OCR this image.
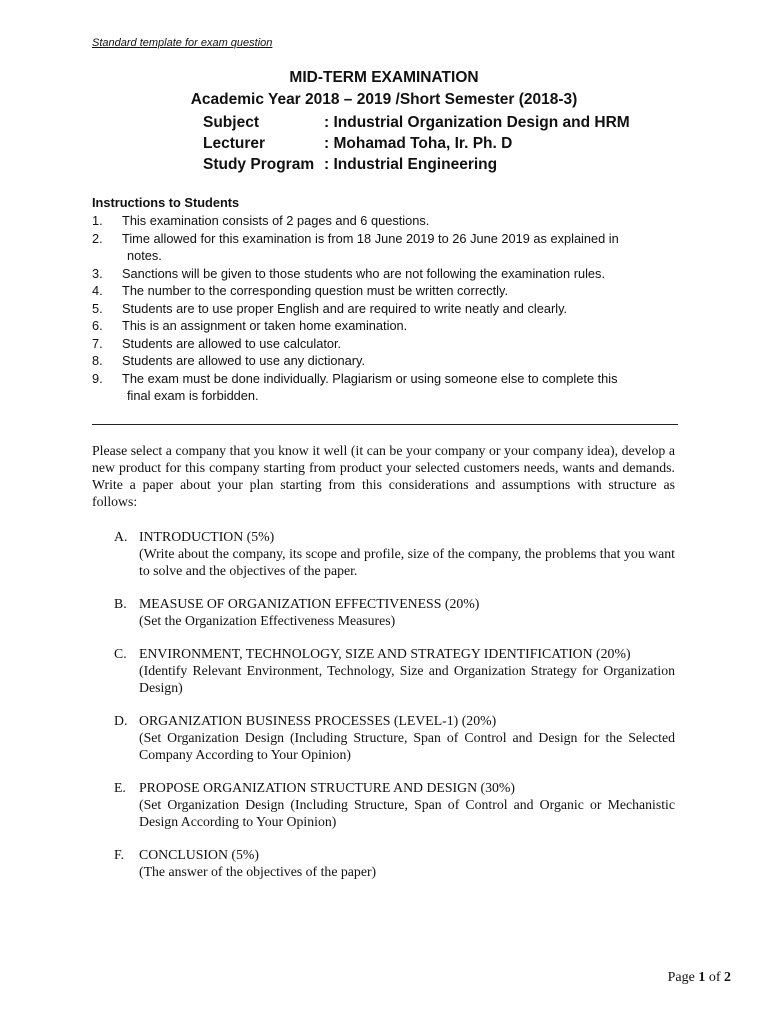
Standard template for exam question
MID-TERM EXAMINATION
Academic Year 2018 – 2019 /Short Semester (2018-3)
Subject	: Industrial Organization Design and HRM
Lecturer	: Mohamad Toha, Ir. Ph. D
Study Program : Industrial Engineering
Instructions to Students
1.	This examination consists of 2 pages and 6 questions.
2.	Time allowed for this examination is from 18 June 2019 to 26 June 2019 as explained in
notes.
3.	Sanctions will be given to those students who are not following the examination rules.
4.	The number to the corresponding question must be written correctly.
5.	Students are to use proper English and are required to write neatly and clearly.
6.	This is an assignment or taken home examination.
7.	Students are allowed to use calculator.
8.	Students are allowed to use any dictionary.
9.	The exam must be done individually. Plagiarism or using someone else to complete this
final exam is forbidden.
Please select a company that you know it well (it can be your company or your company idea), develop a new product for this company starting from product your selected customers needs, wants and demands. Write a paper about your plan starting from this considerations and assumptions with structure as follows:
A. INTRODUCTION (5%)
(Write about the company, its scope and profile, size of the company, the problems that you want to solve and the objectives of the paper.
B. MEASUSE OF ORGANIZATION EFFECTIVENESS (20%)
(Set the Organization Effectiveness Measures)
C. ENVIRONMENT, TECHNOLOGY, SIZE AND STRATEGY IDENTIFICATION (20%)
(Identify Relevant Environment, Technology, Size and Organization Strategy for Organization Design)
D. ORGANIZATION BUSINESS PROCESSES (LEVEL-1) (20%)
(Set Organization Design (Including Structure, Span of Control and Design for the Selected Company According to Your Opinion)
E. PROPOSE ORGANIZATION STRUCTURE AND DESIGN (30%)
(Set Organization Design (Including Structure, Span of Control and Organic or Mechanistic Design According to Your Opinion)
F.	CONCLUSION (5%)
(The answer of the objectives of the paper)
Page 1 of 2
